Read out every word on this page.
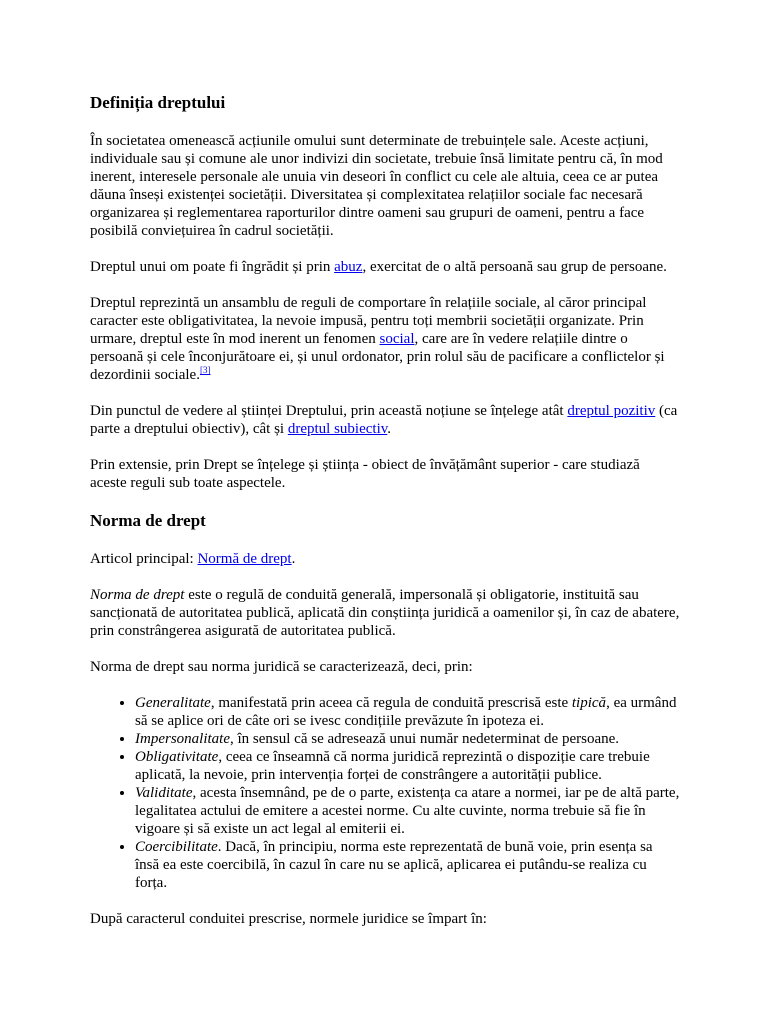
Definiția dreptului

În societatea omenească acțiunile omului sunt determinate de trebuințele sale. Aceste acțiuni, individuale sau și comune ale unor indivizi din societate, trebuie însă limitate pentru că, în mod inerent, interesele personale ale unuia vin deseori în conflict cu cele ale altuia, ceea ce ar putea dăuna înseși existenței societății. Diversitatea și complexitatea relațiilor sociale fac necesară organizarea și reglementarea raporturilor dintre oameni sau grupuri de oameni, pentru a face posibilă conviețuirea în cadrul societății.

Dreptul unui om poate fi îngrădit și prin abuz, exercitat de o altă persoană sau grup de persoane.

Dreptul reprezintă un ansamblu de reguli de comportare în relațiile sociale, al căror principal caracter este obligativitatea, la nevoie impusă, pentru toți membrii societății organizate. Prin urmare, dreptul este în mod inerent un fenomen social, care are în vedere relațiile dintre o persoană și cele înconjurătoare ei, și unul ordonator, prin rolul său de pacificare a conflictelor și dezordinii sociale.[3]

Din punctul de vedere al științei Dreptului, prin această noțiune se înțelege atât dreptul pozitiv (ca parte a dreptului obiectiv), cât și dreptul subiectiv.

Prin extensie, prin Drept se înțelege și știința - obiect de învățământ superior - care studiază aceste reguli sub toate aspectele.

Norma de drept

Articol principal: Normă de drept.

Norma de drept este o regulă de conduită generală, impersonală și obligatorie, instituită sau sancționată de autoritatea publică, aplicată din conștiința juridică a oamenilor și, în caz de abatere, prin constrângerea asigurată de autoritatea publică.

Norma de drept sau norma juridică se caracterizează, deci, prin:

• Generalitate, manifestată prin aceea că regula de conduită prescrisă este tipică, ea urmând să se aplice ori de câte ori se ivesc condițiile prevăzute în ipoteza ei.
• Impersonalitate, în sensul că se adresează unui număr nedeterminat de persoane.
• Obligativitate, ceea ce înseamnă că norma juridică reprezintă o dispoziție care trebuie aplicată, la nevoie, prin intervenția forței de constrângere a autorității publice.
• Validitate, acesta însemnând, pe de o parte, existența ca atare a normei, iar pe de altă parte, legalitatea actului de emitere a acestei norme. Cu alte cuvinte, norma trebuie să fie în vigoare și să existe un act legal al emiterii ei.
• Coercibilitate. Dacă, în principiu, norma este reprezentată de bună voie, prin esența sa însă ea este coercibilă, în cazul în care nu se aplică, aplicarea ei putându-se realiza cu forța.

După caracterul conduitei prescrise, normele juridice se împart în:
